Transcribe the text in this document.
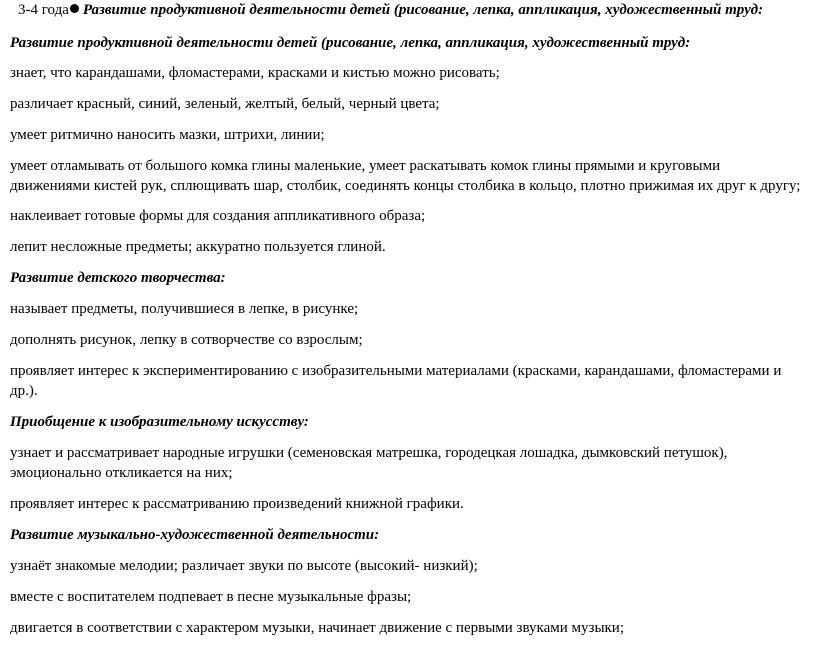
3-4 года Развитие продуктивной деятельности детей (рисование, лепка, аппликация, художественный труд:
Развитие продуктивной деятельности детей (рисование, лепка, аппликация, художественный труд:
знает, что карандашами, фломастерами, красками и кистью можно рисовать;
различает красный, синий, зеленый, желтый, белый, черный цвета;
умеет ритмично наносить мазки, штрихи, линии;
умеет отламывать от большого комка глины маленькие, умеет раскатывать комок глины прямыми и круговыми
движениями кистей рук, сплющивать шар, столбик, соединять концы столбика в кольцо, плотно прижимая их друг к другу;
наклеивает готовые формы для создания аппликативного образа;
лепит несложные предметы; аккуратно пользуется глиной.
Развитие детского творчества:
называет предметы, получившиеся в лепке, в рисунке;
дополнять рисунок, лепку в сотворчестве со взрослым;
проявляет интерес к экспериментированию с изобразительными материалами (красками, карандашами, фломастерами и
др.).
Приобщение к изобразительному искусству:
узнает и рассматривает народные игрушки (семеновская матрешка, городецкая лошадка, дымковский петушок),
эмоционально откликается на них;
проявляет интерес к рассматриванию произведений книжной графики.
Развитие музыкально-художественной деятельности:
узнаёт знакомые мелодии; различает звуки по высоте (высокий- низкий);
вместе с воспитателем подпевает в песне музыкальные фразы;
двигается в соответствии с характером музыки, начинает движение с первыми звуками музыки;
